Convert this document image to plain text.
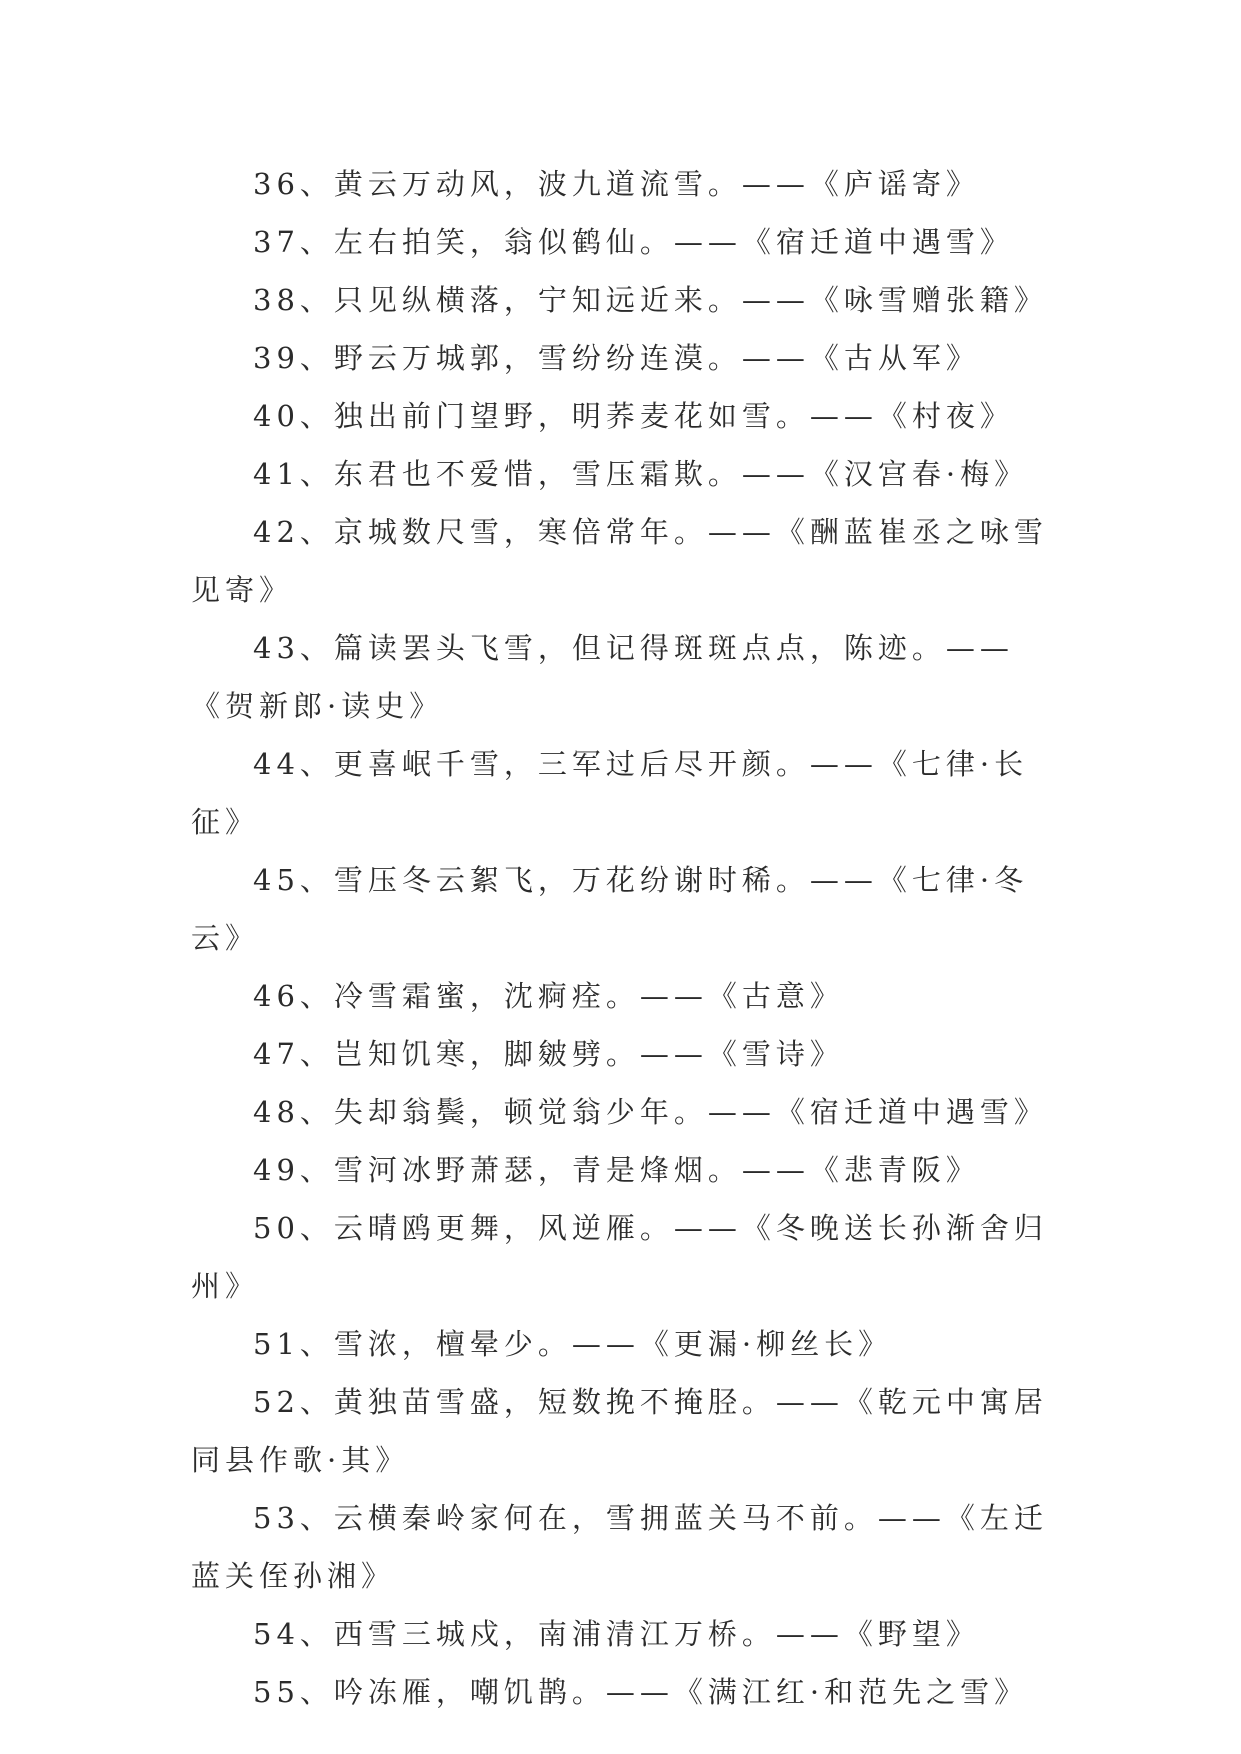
36、黄云万动风，波九道流雪。——《庐谣寄》

37、左右拍笑，翁似鹤仙。——《宿迁道中遇雪》

38、只见纵横落，宁知远近来。——《咏雪赠张籍》

39、野云万城郭，雪纷纷连漠。——《古从军》

40、独出前门望野，明荞麦花如雪。——《村夜》

41、东君也不爱惜，雪压霜欺。——《汉宫春·梅》

42、京城数尺雪，寒倍常年。——《酬蓝崔丞之咏雪见寄》

43、篇读罢头飞雪，但记得斑斑点点，陈迹。——《贺新郎·读史》

44、更喜岷千雪，三军过后尽开颜。——《七律·长征》

45、雪压冬云絮飞，万花纷谢时稀。——《七律·冬云》

46、冷雪霜蜜，沈痾痊。——《古意》

47、岂知饥寒，脚皴劈。——《雪诗》

48、失却翁鬓，顿觉翁少年。——《宿迁道中遇雪》

49、雪河冰野萧瑟，青是烽烟。——《悲青阪》

50、云晴鸥更舞，风逆雁。——《冬晚送长孙渐舍归州》

51、雪浓，檀晕少。——《更漏·柳丝长》

52、黄独苗雪盛，短数挽不掩胫。——《乾元中寓居同县作歌·其》

53、云横秦岭家何在，雪拥蓝关马不前。——《左迁蓝关侄孙湘》

54、西雪三城戍，南浦清江万桥。——《野望》

55、吟冻雁，嘲饥鹊。——《满江红·和范先之雪》
